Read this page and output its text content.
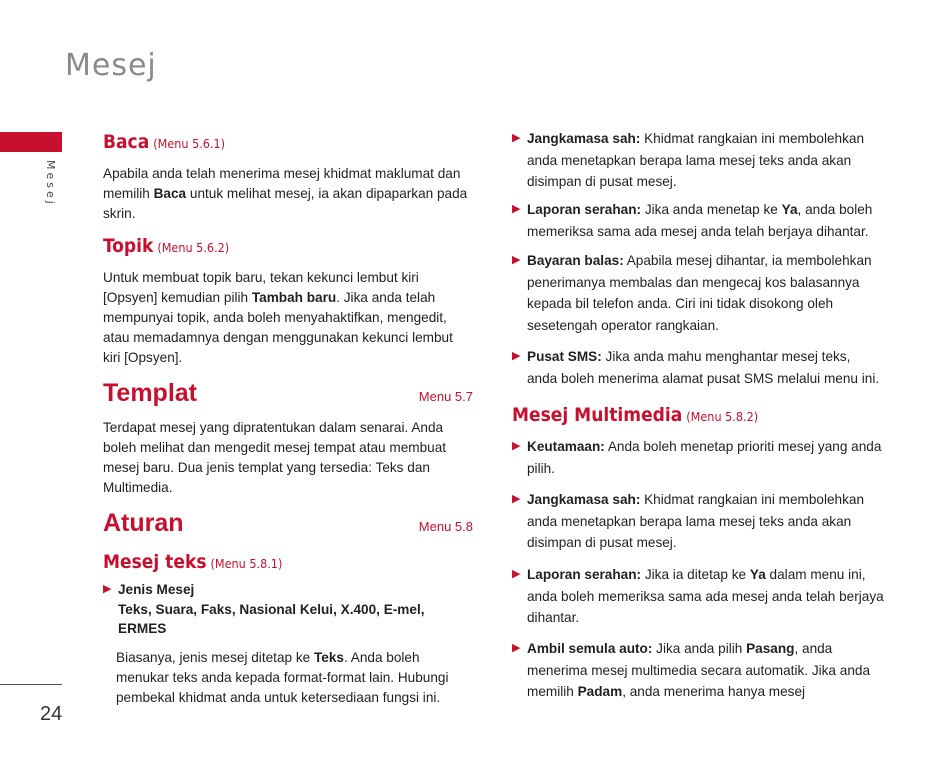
Mesej
Mesej
24
Baca (Menu 5.6.1)

Apabila anda telah menerima mesej khidmat maklumat dan memilih Baca untuk melihat mesej, ia akan dipaparkan pada skrin.

Topik (Menu 5.6.2)

Untuk membuat topik baru, tekan kekunci lembut kiri [Opsyen] kemudian pilih Tambah baru. Jika anda telah mempunyai topik, anda boleh menyahaktifkan, mengedit, atau memadamnya dengan menggunakan kekunci lembut kiri [Opsyen].

Templat	Menu 5.7

Terdapat mesej yang dipratentukan dalam senarai. Anda boleh melihat dan mengedit mesej tempat atau membuat mesej baru. Dua jenis templat yang tersedia: Teks dan Multimedia.

Aturan	Menu 5.8
Mesej teks (Menu 5.8.1)
▶ Jenis Mesej
Teks, Suara, Faks, Nasional Kelui, X.400, E-mel, ERMES

Biasanya, jenis mesej ditetap ke Teks. Anda boleh menukar teks anda kepada format-format lain. Hubungi pembekal khidmat anda untuk ketersediaan fungsi ini.

▶ Jangkamasa sah: Khidmat rangkaian ini membolehkan anda menetapkan berapa lama mesej teks anda akan disimpan di pusat mesej.
▶ Laporan serahan: Jika anda menetap ke Ya, anda boleh memeriksa sama ada mesej anda telah berjaya dihantar.
▶ Bayaran balas: Apabila mesej dihantar, ia membolehkan penerimanya membalas dan mengecaj kos balasannya kepada bil telefon anda. Ciri ini tidak disokong oleh sesetengah operator rangkaian.
▶ Pusat SMS: Jika anda mahu menghantar mesej teks, anda boleh menerima alamat pusat SMS melalui menu ini.
Mesej Multimedia (Menu 5.8.2)
▶ Keutamaan: Anda boleh menetap prioriti mesej yang anda pilih.
▶ Jangkamasa sah: Khidmat rangkaian ini membolehkan anda menetapkan berapa lama mesej teks anda akan disimpan di pusat mesej.
▶ Laporan serahan: Jika ia ditetap ke Ya dalam menu ini, anda boleh memeriksa sama ada mesej anda telah berjaya dihantar.
▶ Ambil semula auto: Jika anda pilih Pasang, anda menerima mesej multimedia secara automatik. Jika anda memilih Padam, anda menerima hanya mesej
